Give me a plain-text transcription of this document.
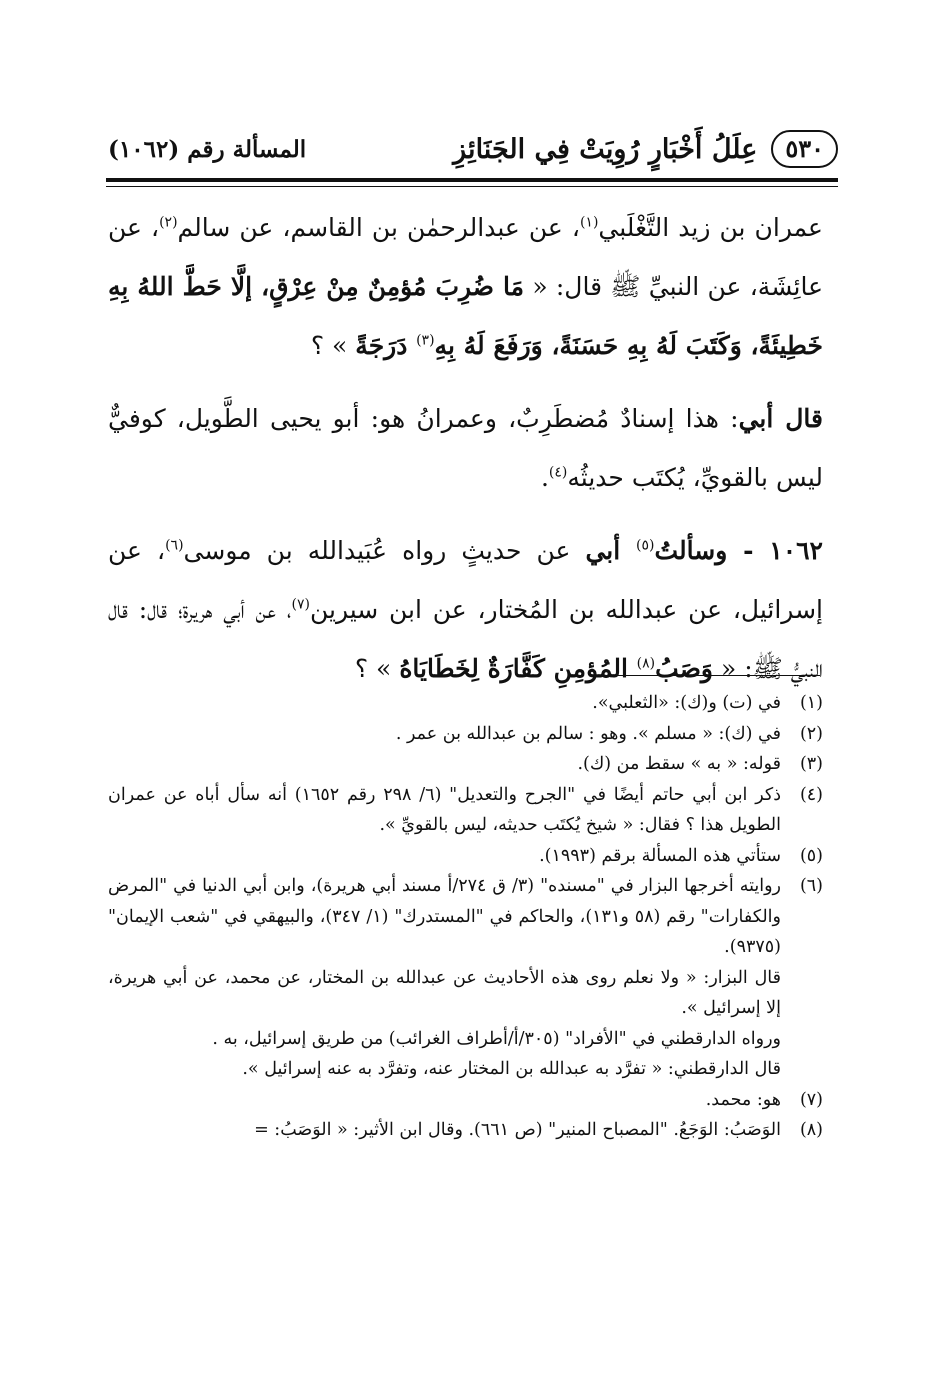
٥٣٠
عِلَلُ أَخْبَارٍ رُوِيَتْ فِي الجَنَائِزِ
المسألة رقم (١٠٦٢)

عمران بن زيد التَّغْلَبي$^{(١)}$، عن عبدالرحمٰن بن القاسم، عن سالم$^{(٢)}$، عن عائِشَة، عن النبيِّ ﷺ قال: « مَا ضُرِبَ مُؤمِنٌ مِنْ عِرْقٍ، إلَّا حَطَّ اللهُ بِهِ خَطِيئَةً، وَكَتَبَ لَهُ بِهِ حَسَنَةً، وَرَفَعَ لَهُ بِهِ$^{(٣)}$ دَرَجَةً » ؟

قال أبي: هذا إسنادٌ مُضطَرِبٌ، وعمرانُ هو: أبو يحيى الطَّويل، كوفيٌّ ليس بالقويِّ، يُكتَب حديثُه$^{(٤)}$.

١٠٦٢ - وسألتُ$^{(٥)}$ أبي عن حديثٍ رواه عُبَيدالله بن موسى$^{(٦)}$، عن إسرائيل، عن عبدالله بن المُختار، عن ابن سيرين$^{(٧)}$، عن أبي هريرة؛ قال: قال النبيُّ ﷺ: « وَصَبُ$^{(٨)}$ المُؤمِنِ كَفَّارَةٌ لِخَطَايَاهُ » ؟

(١)
في (ت) و(ك): «الثعلبي».
(٢)
في (ك): « مسلم ». وهو : سالم بن عبدالله بن عمر .
(٣)
قوله: « به » سقط من (ك).
(٤)
ذكر ابن أبي حاتم أيضًا في "الجرح والتعديل" (٦/ ٢٩٨ رقم ١٦٥٢) أنه سأل أباه عن عمران الطويل هذا ؟ فقال: « شيخ يُكتَب حديثه، ليس بالقويِّ ».
(٥)
ستأتي هذه المسألة برقم (١٩٩٣).
(٦)
روايته أخرجها البزار في "مسنده" (٣/ ق ٢٧٤/أ مسند أبي هريرة)، وابن أبي الدنيا في "المرض والكفارات" رقم (٥٨ و١٣١)، والحاكم في "المستدرك" (١/ ٣٤٧)، والبيهقي في "شعب الإيمان" (٩٣٧٥).
قال البزار: « ولا نعلم روى هذه الأحاديث عن عبدالله بن المختار، عن محمد، عن أبي هريرة، إلا إسرائيل ».
ورواه الدارقطني في "الأفراد" (٣٠٥/أ/أطراف الغرائب) من طريق إسرائيل، به .
قال الدارقطني: « تفرَّد به عبدالله بن المختار عنه، وتفرَّد به عنه إسرائيل ».
(٧)
هو: محمد.
(٨)
الوَصَبُ: الوَجَعُ. "المصباح المنير" (ص ٦٦١). وقال ابن الأثير: « الوَصَبُ: =
